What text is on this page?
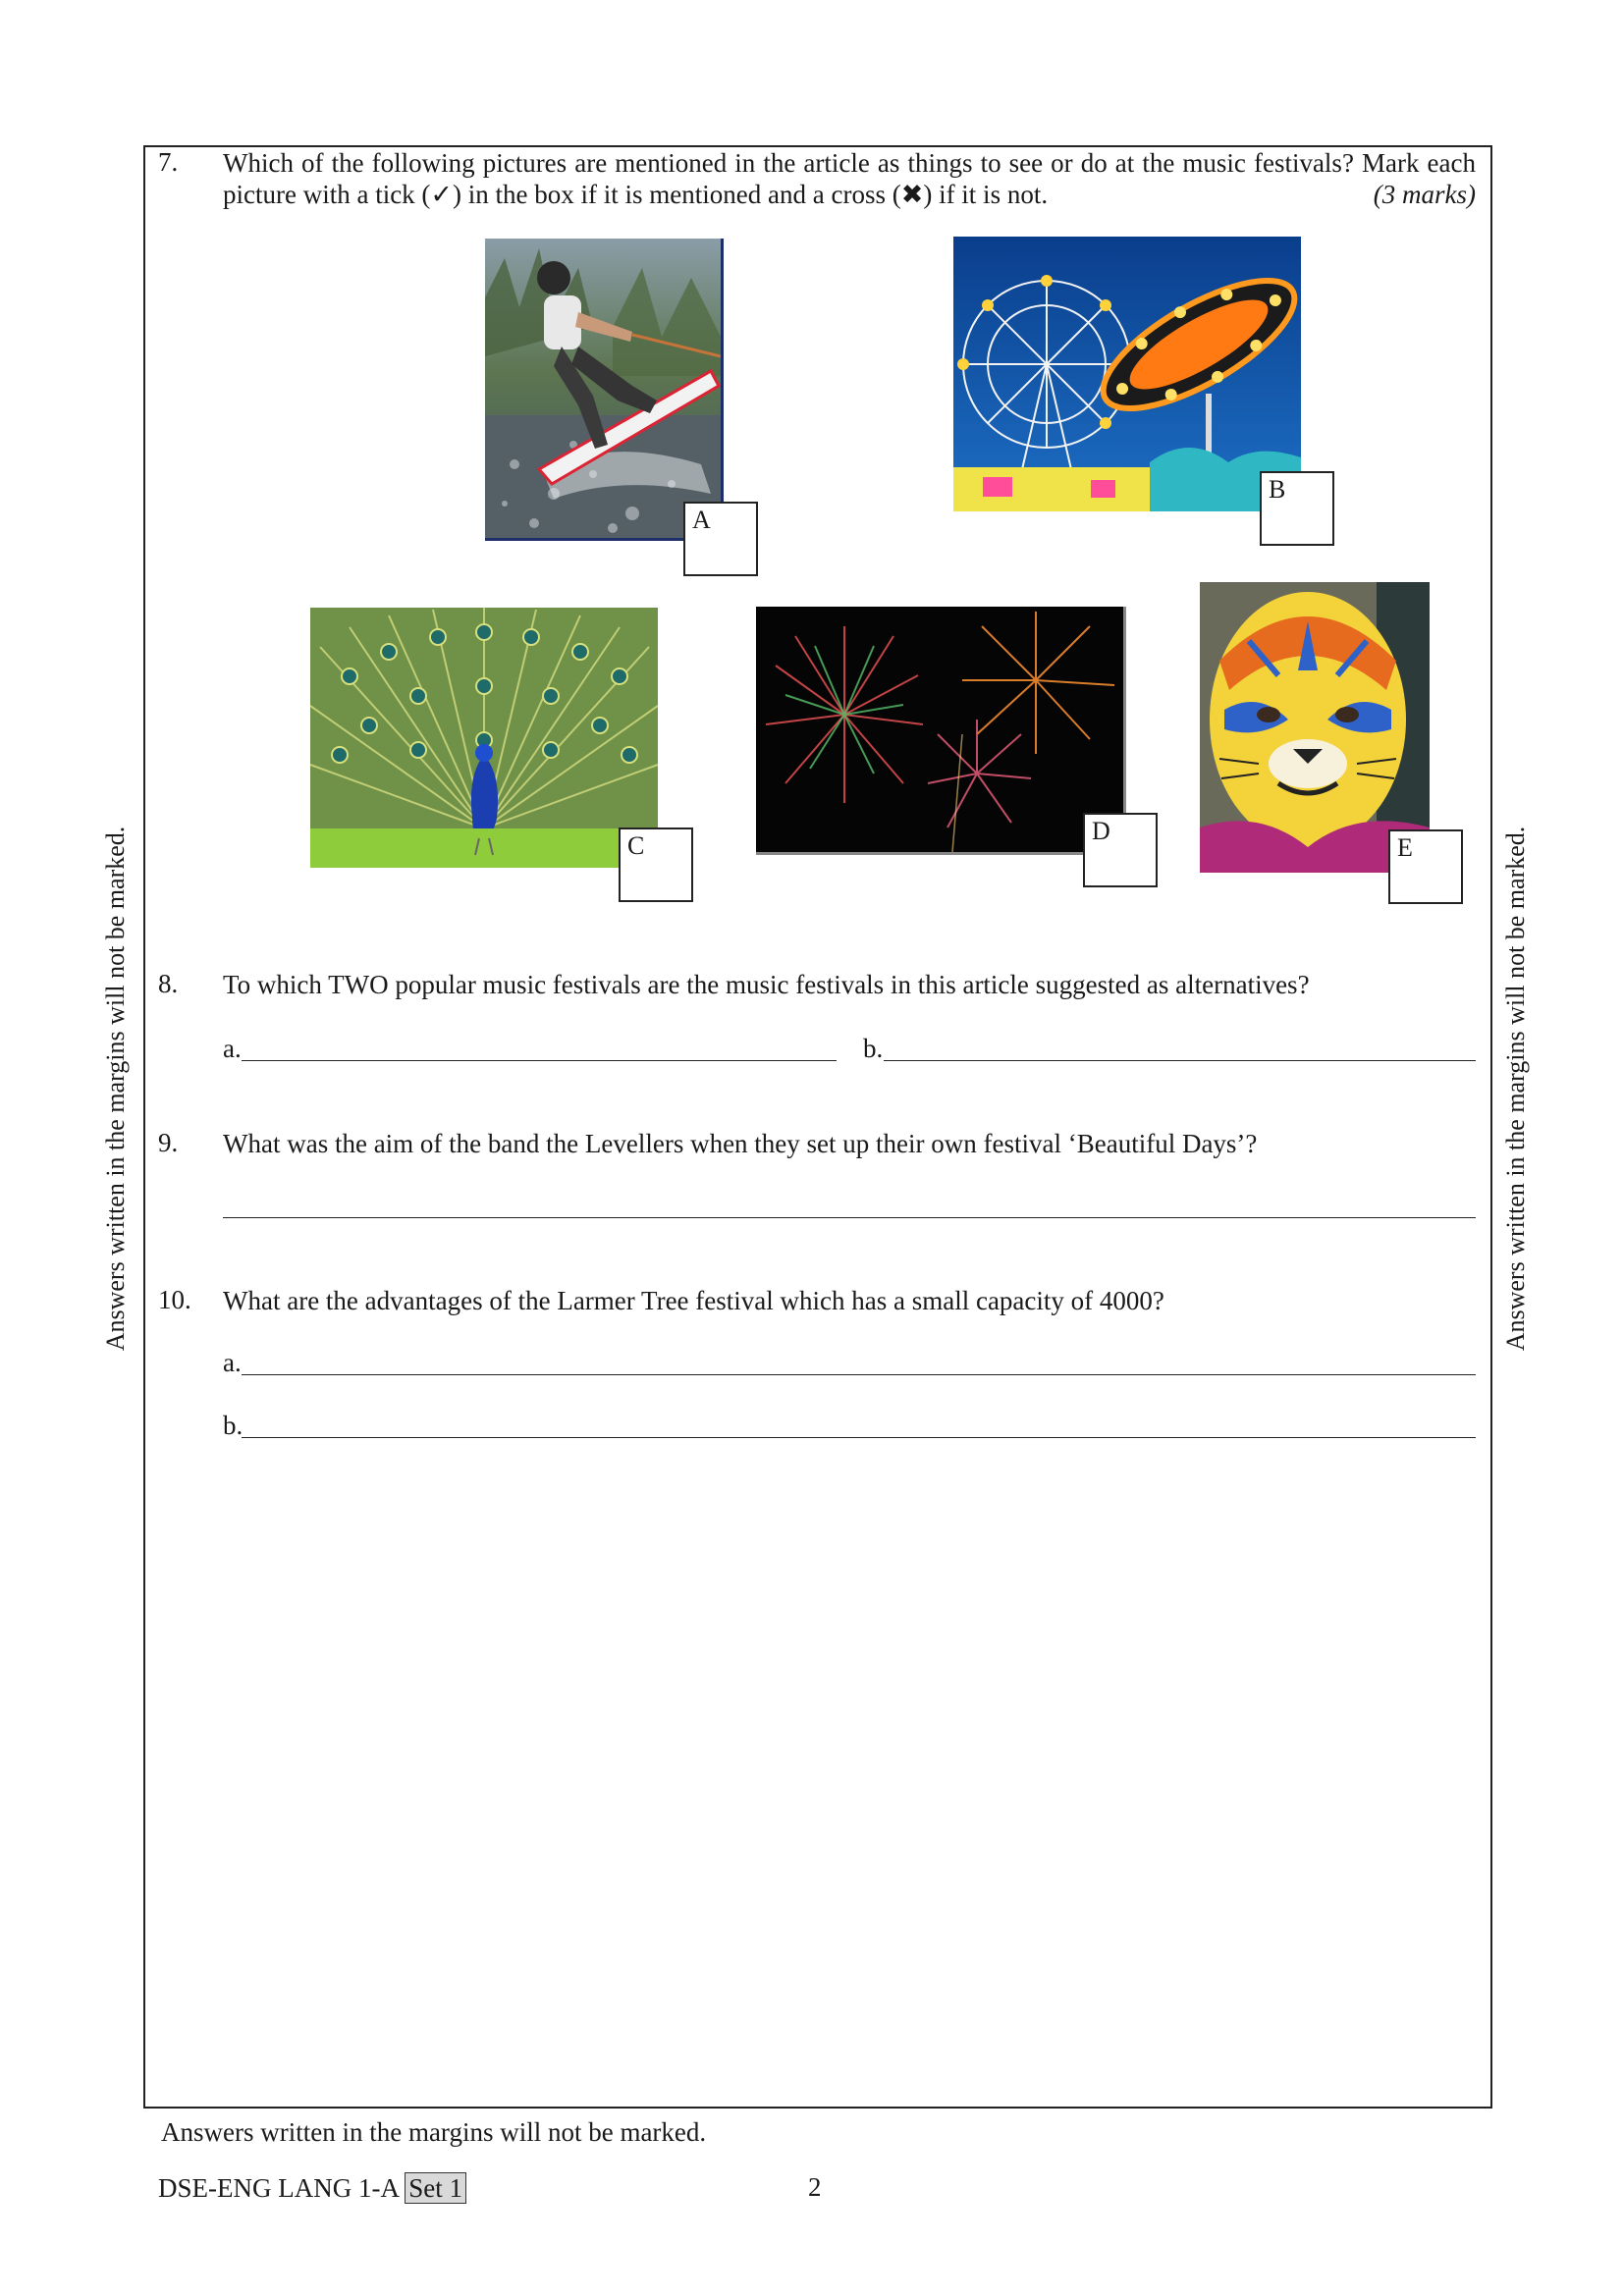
Answers written in the margins will not be marked.	Answers written in the margins will not be marked.
7. Which of the following pictures are mentioned in the article as things to see or do at the music festivals? Mark each picture with a tick (✓) in the box if it is mentioned and a cross (✖) if it is not.	(3 marks)
A
B
C
D
E
8. To which TWO popular music festivals are the music festivals in this article suggested as alternatives?
a.	b.
9. What was the aim of the band the Levellers when they set up their own festival ‘Beautiful Days’?
10. What are the advantages of the Larmer Tree festival which has a small capacity of 4000?
a.
b.
Answers written in the margins will not be marked.
DSE-ENG LANG 1-A Set 1	2
